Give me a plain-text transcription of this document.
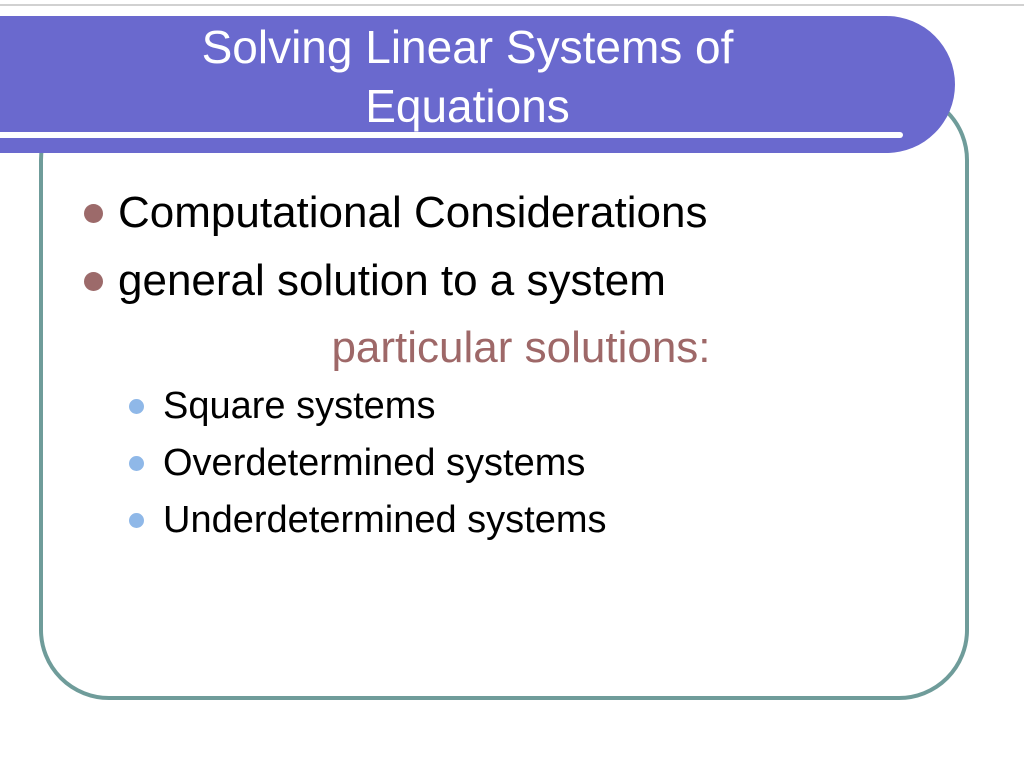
Solving Linear Systems of
Equations
Computational Considerations
general solution to a system
particular solutions:
Square systems
Overdetermined systems
Underdetermined systems
